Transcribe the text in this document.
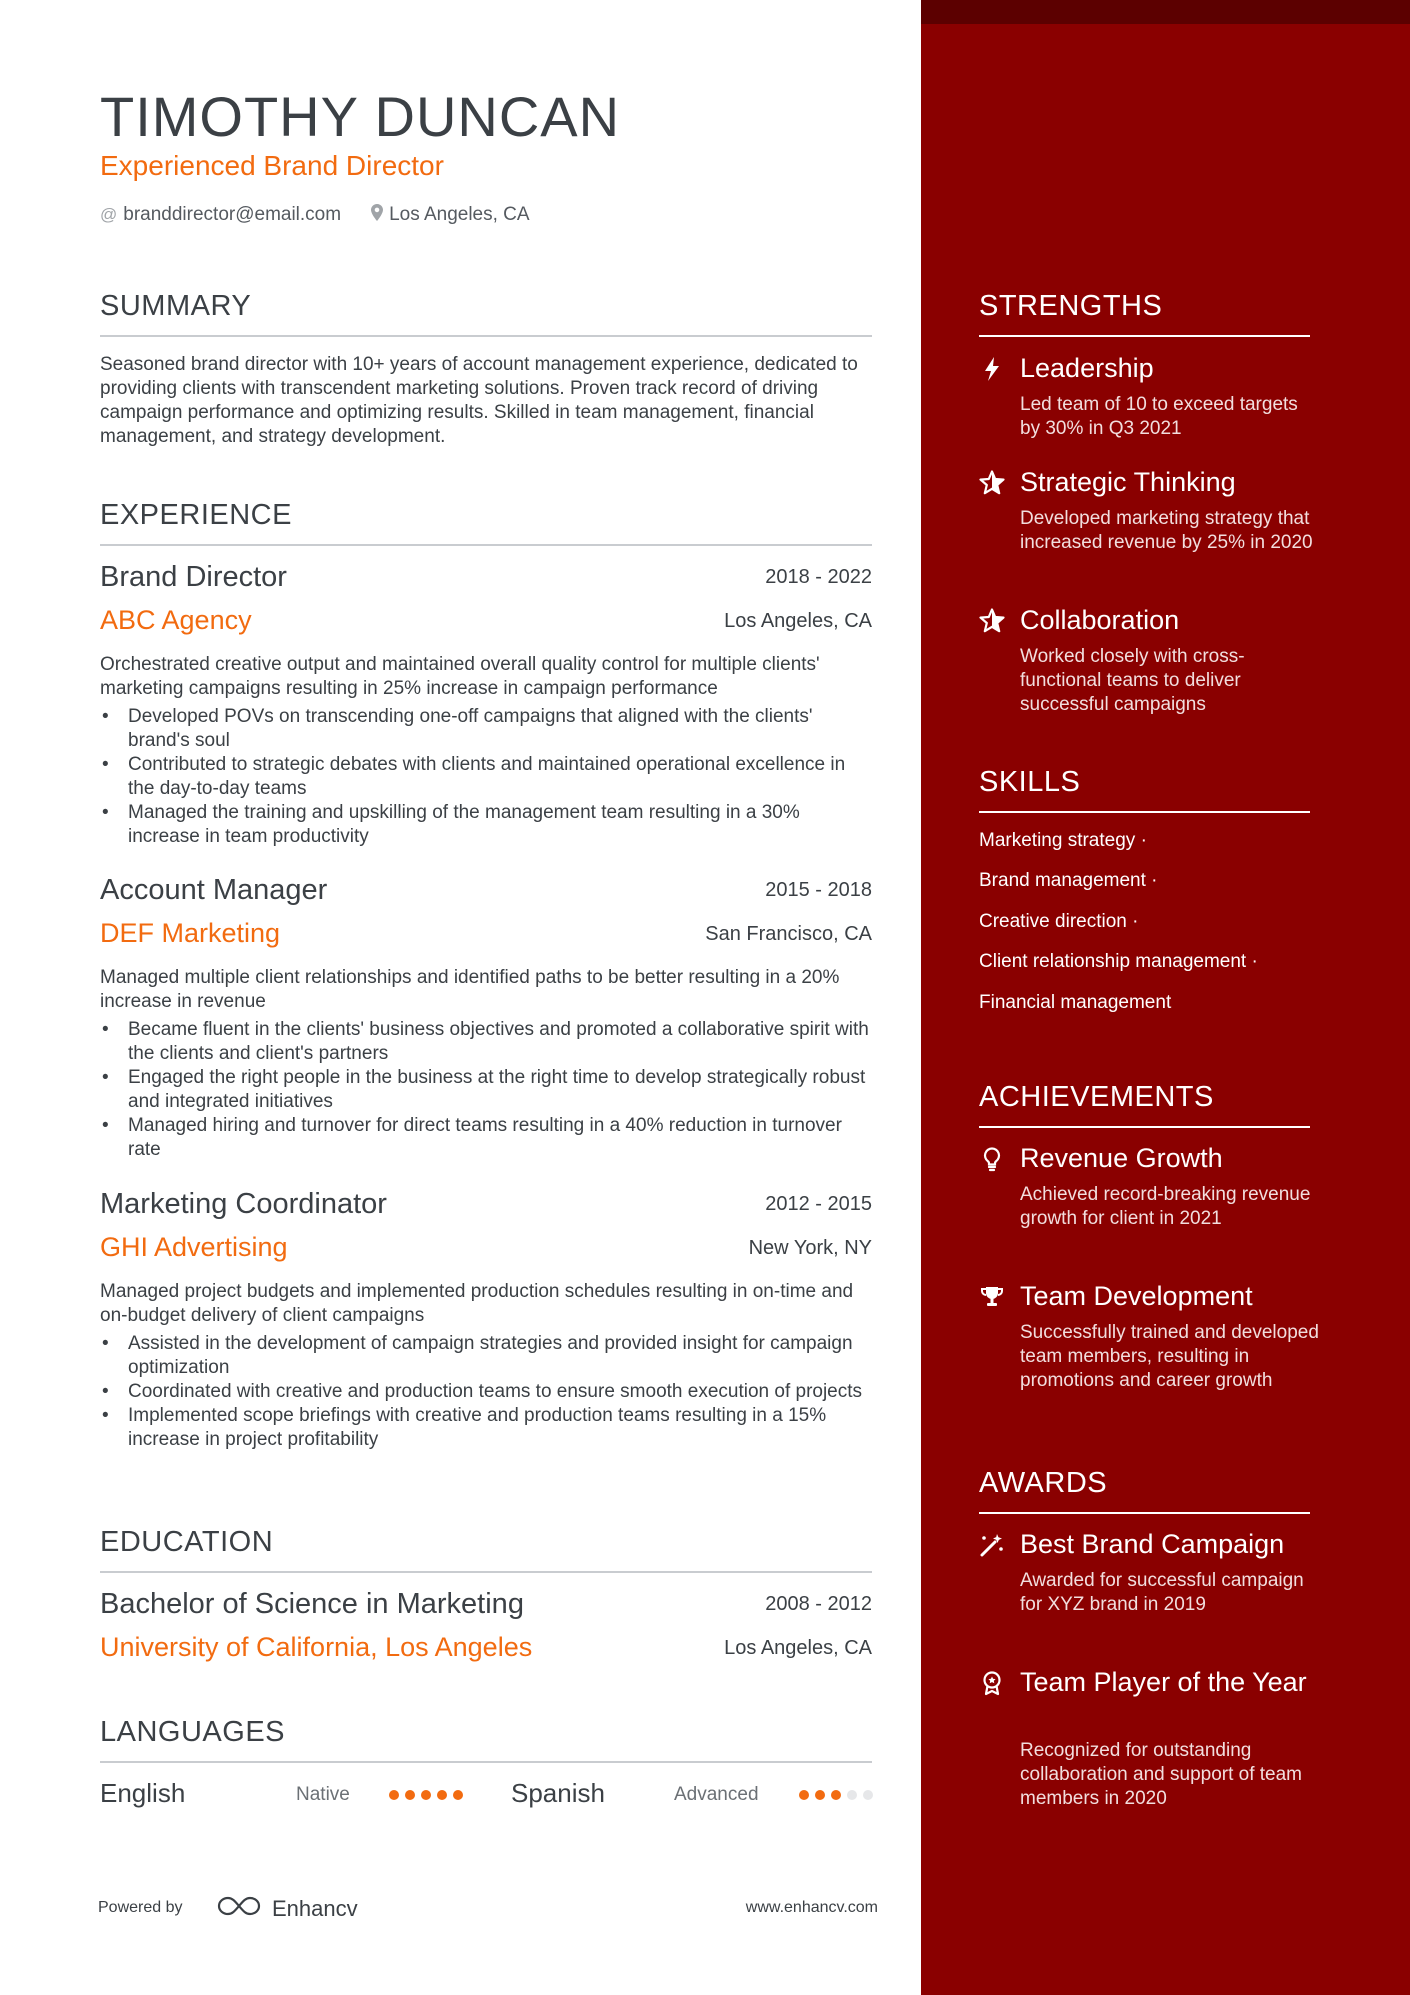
TIMOTHY DUNCAN
Experienced Brand Director
@ branddirector@email.com	Los Angeles, CA
SUMMARY
Seasoned brand director with 10+ years of account management experience, dedicated to providing clients with transcendent marketing solutions. Proven track record of driving campaign performance and optimizing results. Skilled in team management, financial management, and strategy development.
EXPERIENCE
Brand Director	2018 - 2022
ABC Agency	Los Angeles, CA
Orchestrated creative output and maintained overall quality control for multiple clients' marketing campaigns resulting in 25% increase in campaign performance
• Developed POVs on transcending one-off campaigns that aligned with the clients' brand's soul
• Contributed to strategic debates with clients and maintained operational excellence in the day-to-day teams
• Managed the training and upskilling of the management team resulting in a 30% increase in team productivity
Account Manager	2015 - 2018
DEF Marketing	San Francisco, CA
Managed multiple client relationships and identified paths to be better resulting in a 20% increase in revenue
• Became fluent in the clients' business objectives and promoted a collaborative spirit with the clients and client's partners
• Engaged the right people in the business at the right time to develop strategically robust and integrated initiatives
• Managed hiring and turnover for direct teams resulting in a 40% reduction in turnover rate
Marketing Coordinator	2012 - 2015
GHI Advertising	New York, NY
Managed project budgets and implemented production schedules resulting in on-time and on-budget delivery of client campaigns
• Assisted in the development of campaign strategies and provided insight for campaign optimization
• Coordinated with creative and production teams to ensure smooth execution of projects
• Implemented scope briefings with creative and production teams resulting in a 15% increase in project profitability
EDUCATION
Bachelor of Science in Marketing	2008 - 2012
University of California, Los Angeles	Los Angeles, CA
LANGUAGES
English	Native	Spanish	Advanced
Powered by	Enhancv	www.enhancv.com
STRENGTHS
Leadership
Led team of 10 to exceed targets by 30% in Q3 2021
Strategic Thinking
Developed marketing strategy that increased revenue by 25% in 2020
Collaboration
Worked closely with cross-functional teams to deliver successful campaigns
SKILLS
Marketing strategy ·
Brand management ·
Creative direction ·
Client relationship management ·
Financial management
ACHIEVEMENTS
Revenue Growth
Achieved record-breaking revenue growth for client in 2021
Team Development
Successfully trained and developed team members, resulting in promotions and career growth
AWARDS
Best Brand Campaign
Awarded for successful campaign for XYZ brand in 2019
Team Player of the Year
Recognized for outstanding collaboration and support of team members in 2020
